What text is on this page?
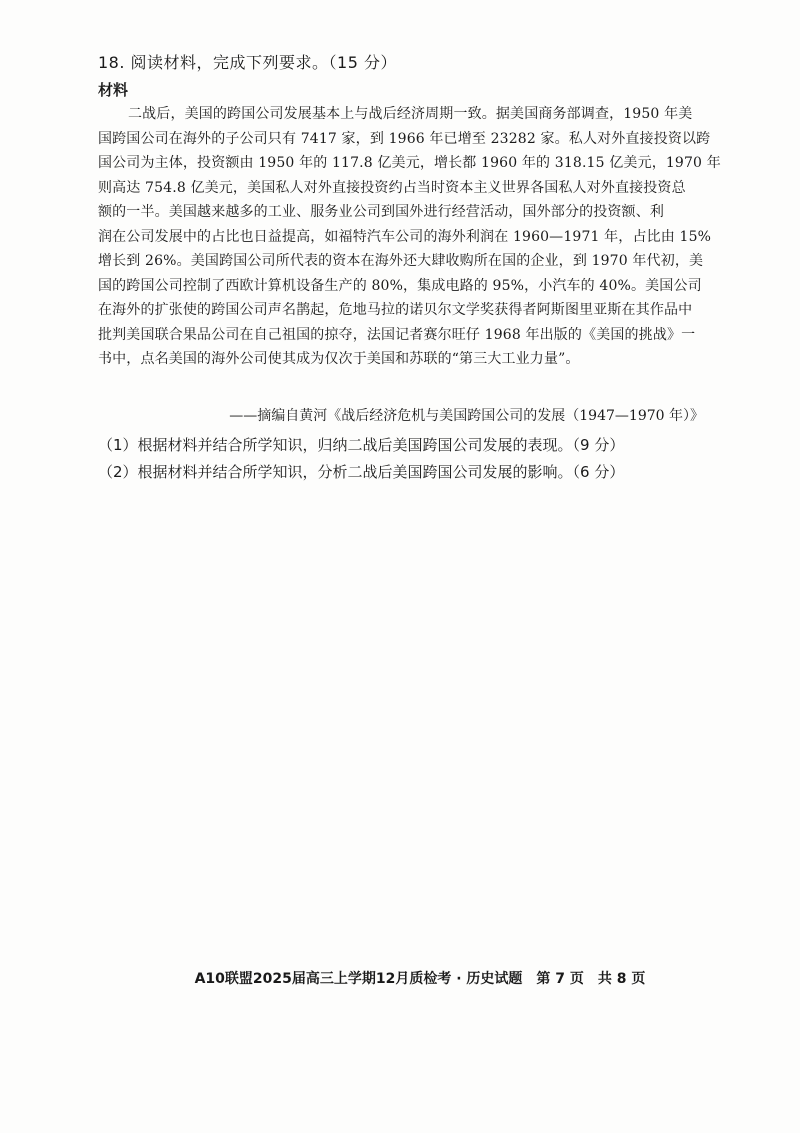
18. 阅读材料，完成下列要求。（15 分）
材料
二战后，美国的跨国公司发展基本上与战后经济周期一致。据美国商务部调查，1950 年美
国跨国公司在海外的子公司只有 7417 家，到 1966 年已增至 23282 家。私人对外直接投资以跨
国公司为主体，投资额由 1950 年的 117.8 亿美元，增长都 1960 年的 318.15 亿美元，1970 年
则高达 754.8 亿美元，美国私人对外直接投资约占当时资本主义世界各国私人对外直接投资总
额的一半。美国越来越多的工业、服务业公司到国外进行经营活动，国外部分的投资额、利
润在公司发展中的占比也日益提高，如福特汽车公司的海外利润在 1960—1971 年，占比由 15%
增长到 26%。美国跨国公司所代表的资本在海外还大肆收购所在国的企业，到 1970 年代初，美
国的跨国公司控制了西欧计算机设备生产的 80%，集成电路的 95%，小汽车的 40%。美国公司
在海外的扩张使的跨国公司声名鹊起，危地马拉的诺贝尔文学奖获得者阿斯图里亚斯在其作品中
批判美国联合果品公司在自己祖国的掠夺，法国记者赛尔旺仔 1968 年出版的《美国的挑战》一
书中，点名美国的海外公司使其成为仅次于美国和苏联的“第三大工业力量”。
——摘编自黄河《战后经济危机与美国跨国公司的发展（1947—1970 年）》
（1）根据材料并结合所学知识，归纳二战后美国跨国公司发展的表现。（9 分）
（2）根据材料并结合所学知识，分析二战后美国跨国公司发展的影响。（6 分）
A10联盟2025届高三上学期12月质检考 · 历史试题　第 7 页　共 8 页
